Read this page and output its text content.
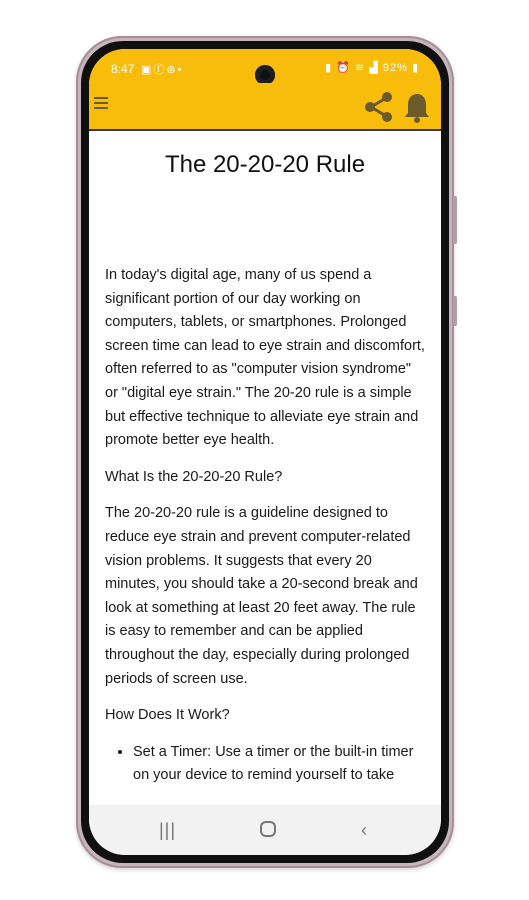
8:47 ▣ⓕ⊛•	▮ ⏰ ≋ ▟ 92% ▮
The 20-20-20 Rule

In today's digital age, many of us spend a significant portion of our day working on computers, tablets, or smartphones. Prolonged screen time can lead to eye strain and discomfort, often referred to as "computer vision syndrome" or "digital eye strain." The 20-20 rule is a simple but effective technique to alleviate eye strain and promote better eye health.

What Is the 20-20-20 Rule?

The 20-20-20 rule is a guideline designed to reduce eye strain and prevent computer-related vision problems. It suggests that every 20 minutes, you should take a 20-second break and look at something at least 20 feet away. The rule is easy to remember and can be applied throughout the day, especially during prolonged periods of screen use.

How Does It Work?

• Set a Timer: Use a timer or the built-in timer on your device to remind yourself to take
|||	‹
